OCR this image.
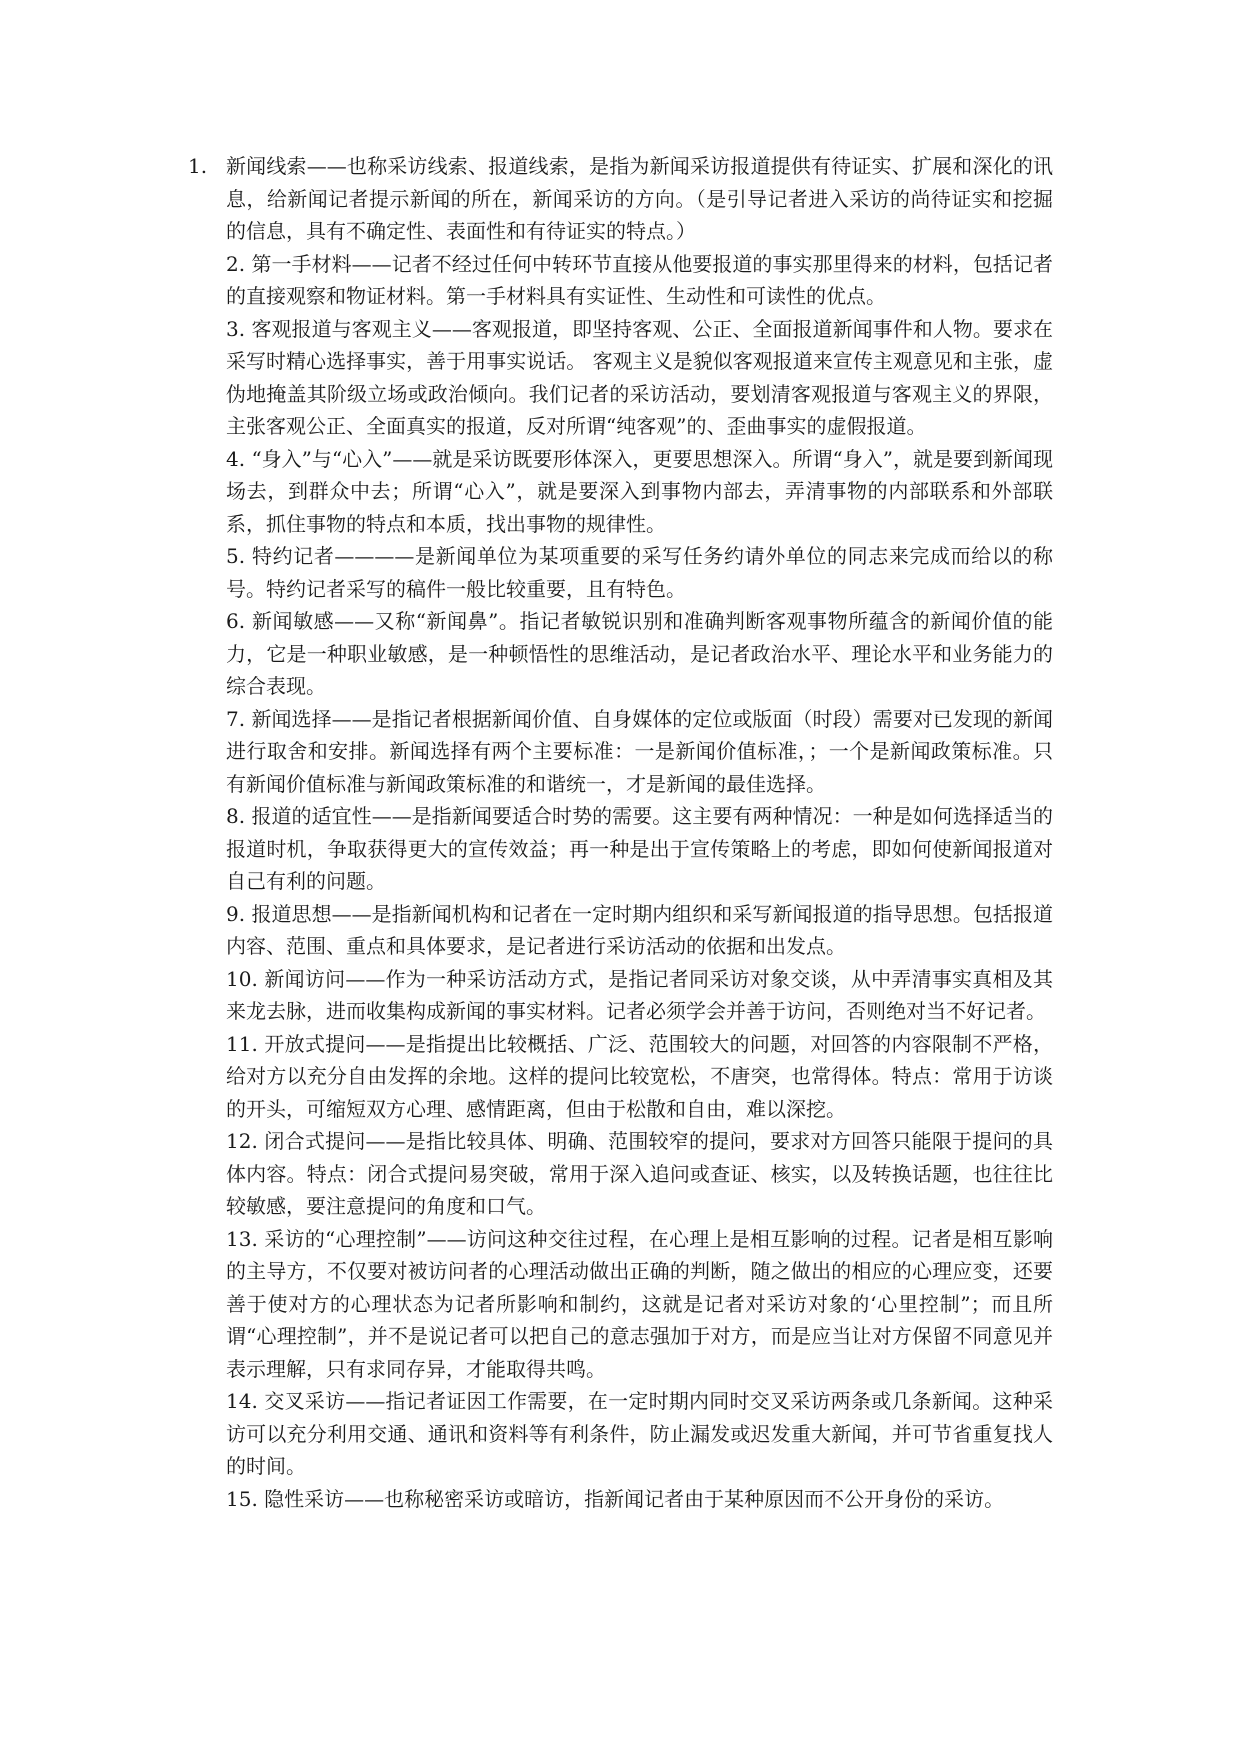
1. 新闻线索——也称采访线索、报道线索，是指为新闻采访报道提供有待证实、扩展和深化的讯息，给新闻记者提示新闻的所在，新闻采访的方向。（是引导记者进入采访的尚待证实和挖掘的信息，具有不确定性、表面性和有待证实的特点。）

2. 第一手材料——记者不经过任何中转环节直接从他要报道的事实那里得来的材料，包括记者的直接观察和物证材料。第一手材料具有实证性、生动性和可读性的优点。

3. 客观报道与客观主义——客观报道，即坚持客观、公正、全面报道新闻事件和人物。要求在采写时精心选择事实，善于用事实说话。 客观主义是貌似客观报道来宣传主观意见和主张，虚伪地掩盖其阶级立场或政治倾向。我们记者的采访活动，要划清客观报道与客观主义的界限，主张客观公正、全面真实的报道，反对所谓“纯客观”的、歪曲事实的虚假报道。

4. “身入”与“心入”——就是采访既要形体深入，更要思想深入。所谓“身入”，就是要到新闻现场去，到群众中去；所谓“心入”，就是要深入到事物内部去，弄清事物的内部联系和外部联系，抓住事物的特点和本质，找出事物的规律性。

5. 特约记者————是新闻单位为某项重要的采写任务约请外单位的同志来完成而给以的称号。特约记者采写的稿件一般比较重要，且有特色。

6. 新闻敏感——又称“新闻鼻”。指记者敏锐识别和准确判断客观事物所蕴含的新闻价值的能力，它是一种职业敏感，是一种顿悟性的思维活动，是记者政治水平、理论水平和业务能力的综合表现。

7. 新闻选择——是指记者根据新闻价值、自身媒体的定位或版面（时段）需要对已发现的新闻进行取舍和安排。新闻选择有两个主要标准：一是新闻价值标准，；一个是新闻政策标准。只有新闻价值标准与新闻政策标准的和谐统一，才是新闻的最佳选择。

8. 报道的适宜性——是指新闻要适合时势的需要。这主要有两种情况：一种是如何选择适当的报道时机，争取获得更大的宣传效益；再一种是出于宣传策略上的考虑，即如何使新闻报道对自己有利的问题。

9. 报道思想——是指新闻机构和记者在一定时期内组织和采写新闻报道的指导思想。包括报道内容、范围、重点和具体要求，是记者进行采访活动的依据和出发点。

10. 新闻访问——作为一种采访活动方式，是指记者同采访对象交谈，从中弄清事实真相及其来龙去脉，进而收集构成新闻的事实材料。记者必须学会并善于访问，否则绝对当不好记者。

11. 开放式提问——是指提出比较概括、广泛、范围较大的问题，对回答的内容限制不严格，给对方以充分自由发挥的余地。这样的提问比较宽松，不唐突，也常得体。特点：常用于访谈的开头，可缩短双方心理、感情距离，但由于松散和自由，难以深挖。

12. 闭合式提问——是指比较具体、明确、范围较窄的提问，要求对方回答只能限于提问的具体内容。特点：闭合式提问易突破，常用于深入追问或查证、核实，以及转换话题，也往往比较敏感，要注意提问的角度和口气。

13. 采访的“心理控制”——访问这种交往过程，在心理上是相互影响的过程。记者是相互影响的主导方，不仅要对被访问者的心理活动做出正确的判断，随之做出的相应的心理应变，还要善于使对方的心理状态为记者所影响和制约，这就是记者对采访对象的‘心里控制”；而且所谓“心理控制”，并不是说记者可以把自己的意志强加于对方，而是应当让对方保留不同意见并表示理解，只有求同存异，才能取得共鸣。

14. 交叉采访——指记者证因工作需要，在一定时期内同时交叉采访两条或几条新闻。这种采访可以充分利用交通、通讯和资料等有利条件，防止漏发或迟发重大新闻，并可节省重复找人的时间。

15. 隐性采访——也称秘密采访或暗访，指新闻记者由于某种原因而不公开身份的采访。
